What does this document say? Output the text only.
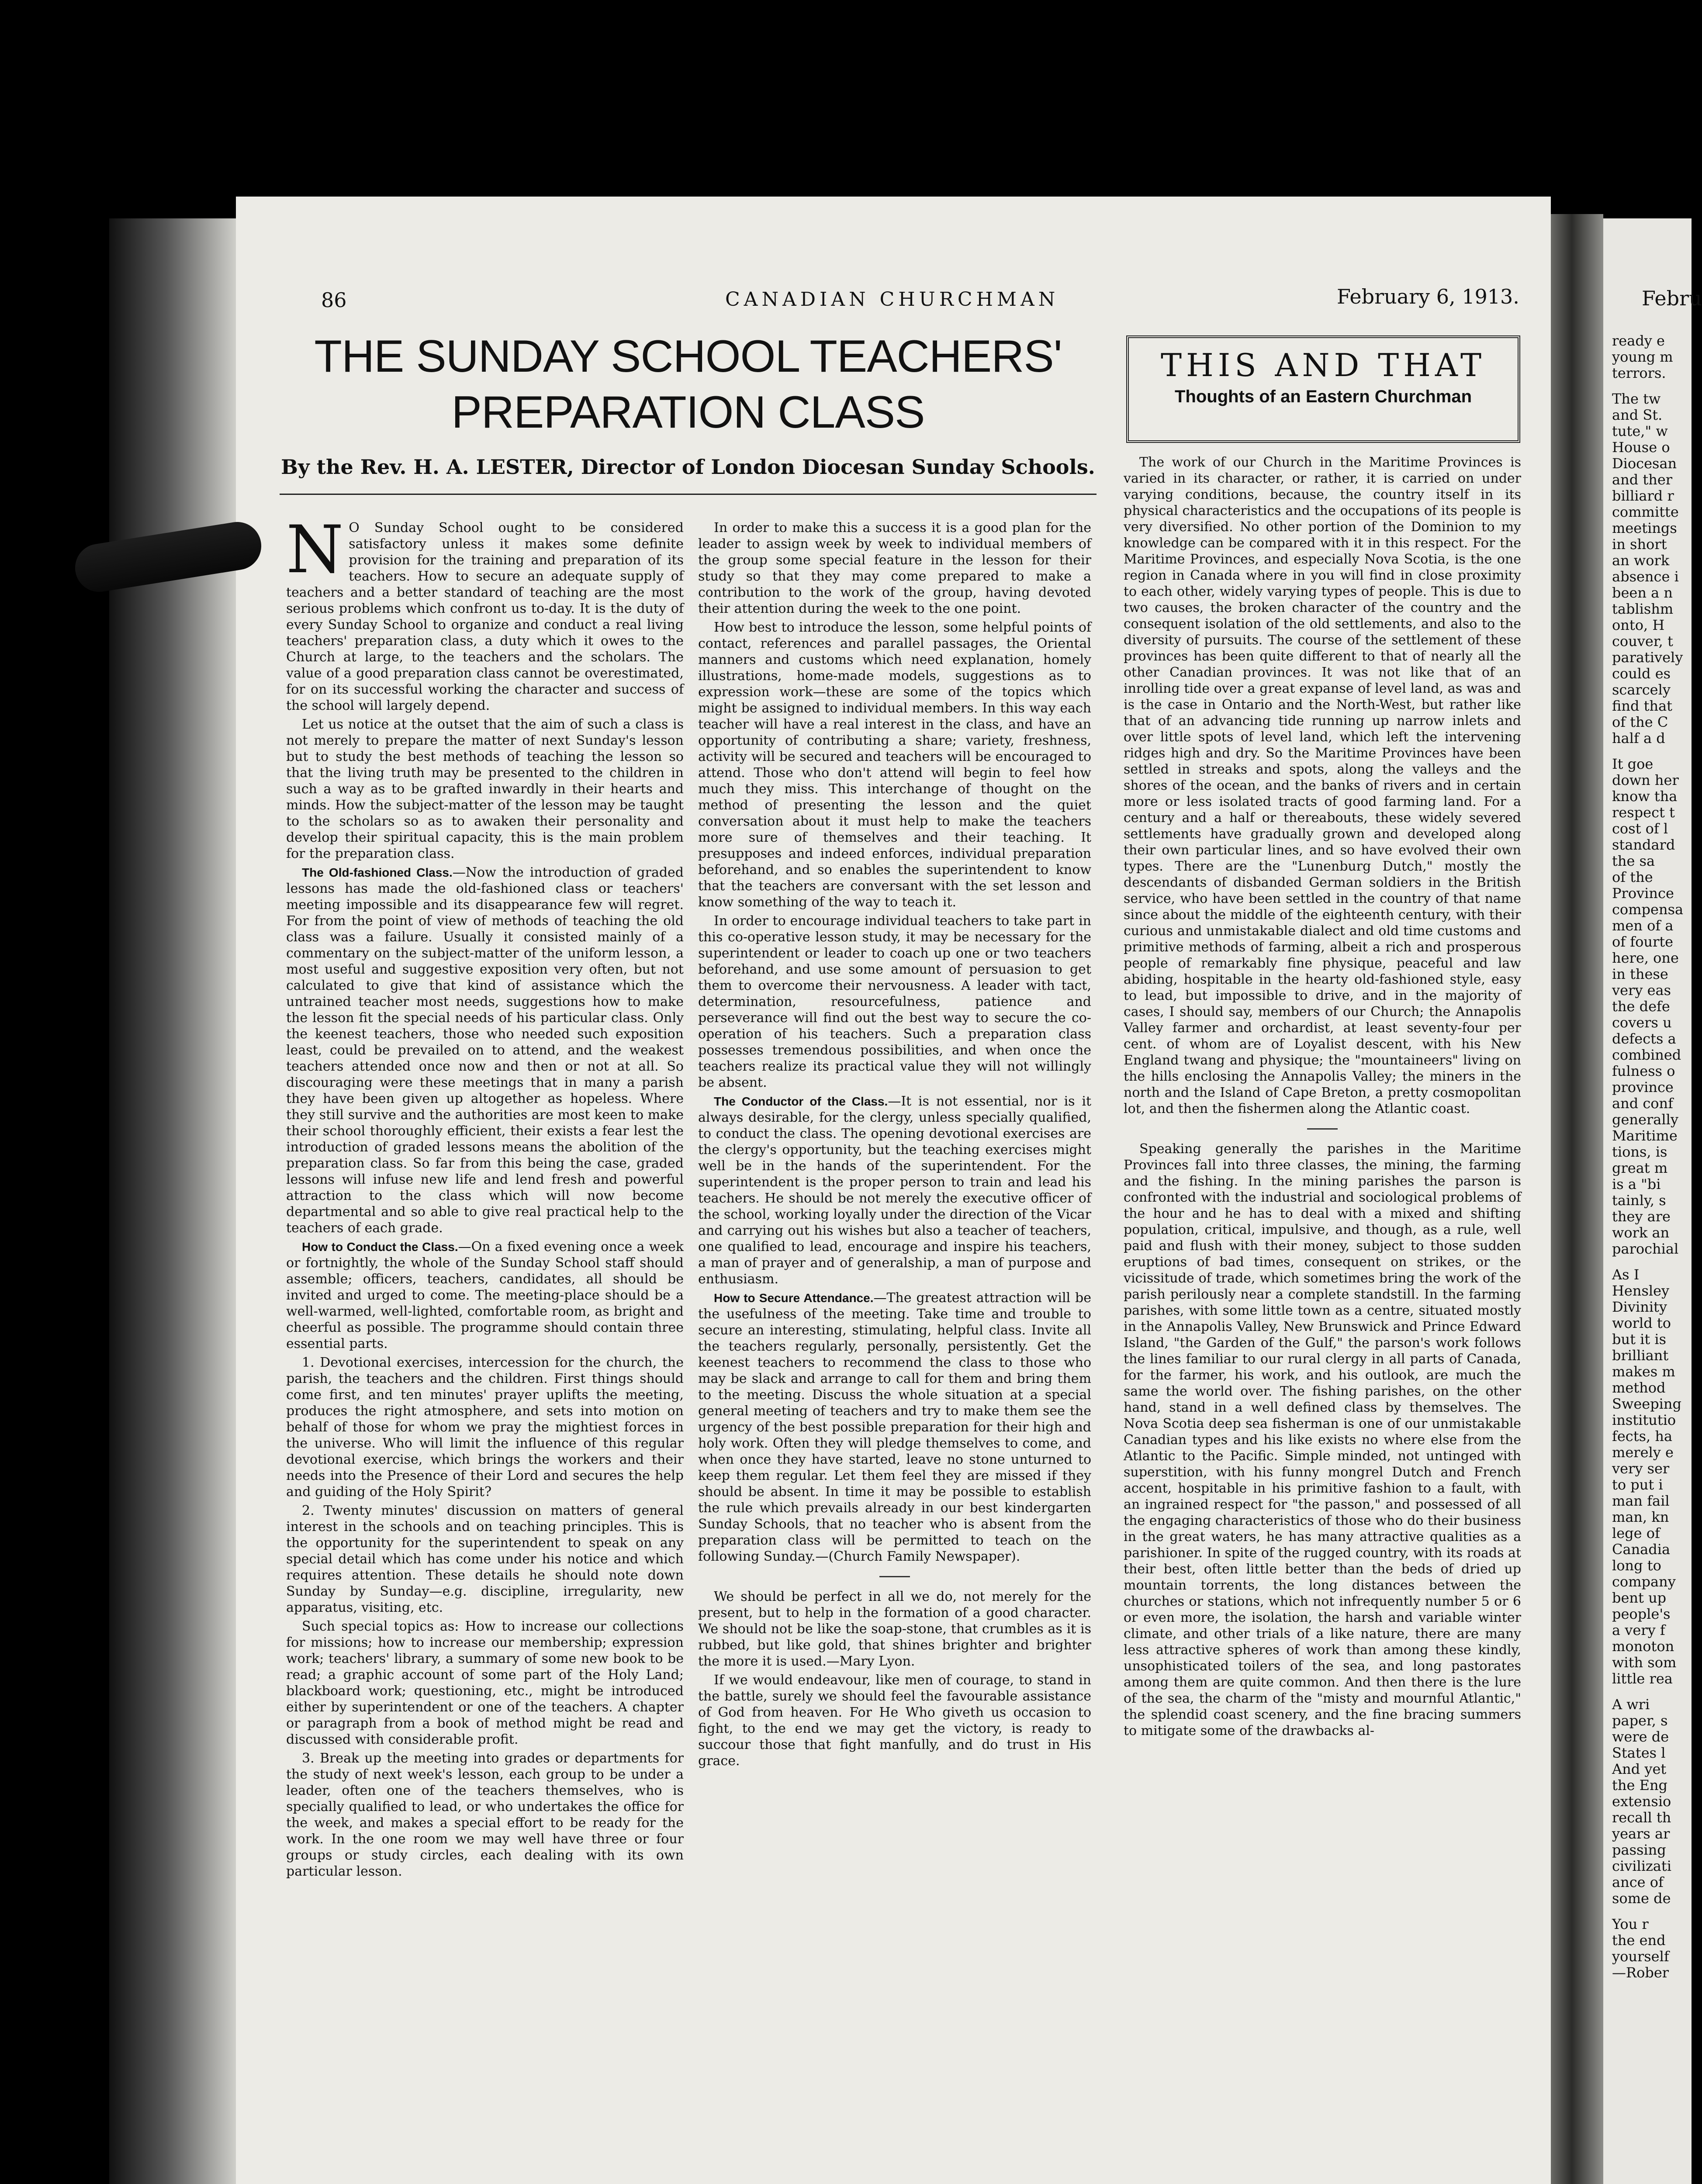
86	CANADIAN CHURCHMAN	February 6, 1913.
THE SUNDAY SCHOOL TEACHERS'
PREPARATION CLASS
By the Rev. H. A. LESTER, Director of London Diocesan Sunday Schools.
THIS AND THAT
Thoughts of an Eastern Churchman

N O Sunday School ought to be considered satisfactory unless it makes some definite provision for the training and preparation of its teachers. How to secure an adequate supply of teachers and a better standard of teaching are the most serious problems which confront us to-day. It is the duty of every Sunday School to organize and conduct a real living teachers' preparation class, a duty which it owes to the Church at large, to the teachers and the scholars. The value of a good preparation class cannot be overestimated, for on its successful working the character and success of the school will largely depend.

Let us notice at the outset that the aim of such a class is not merely to prepare the matter of next Sunday's lesson but to study the best methods of teaching the lesson so that the living truth may be presented to the children in such a way as to be grafted inwardly in their hearts and minds. How the subject-matter of the lesson may be taught to the scholars so as to awaken their personality and develop their spiritual capacity, this is the main problem for the preparation class.

The Old-fashioned Class.—Now the introduction of graded lessons has made the old-fashioned class or teachers' meeting impossible and its disappearance few will regret. For from the point of view of methods of teaching the old class was a failure. Usually it consisted mainly of a commentary on the subject-matter of the uniform lesson, a most useful and suggestive exposition very often, but not calculated to give that kind of assistance which the untrained teacher most needs, suggestions how to make the lesson fit the special needs of his particular class. Only the keenest teachers, those who needed such exposition least, could be prevailed on to attend, and the weakest teachers attended once now and then or not at all. So discouraging were these meetings that in many a parish they have been given up altogether as hopeless. Where they still survive and the authorities are most keen to make their school thoroughly efficient, their exists a fear lest the introduction of graded lessons means the abolition of the preparation class. So far from this being the case, graded lessons will infuse new life and lend fresh and powerful attraction to the class which will now become departmental and so able to give real practical help to the teachers of each grade.

How to Conduct the Class.—On a fixed evening once a week or fortnightly, the whole of the Sunday School staff should assemble; officers, teachers, candidates, all should be invited and urged to come. The meeting-place should be a well-warmed, well-lighted, comfortable room, as bright and cheerful as possible. The programme should contain three essential parts.

1. Devotional exercises, intercession for the church, the parish, the teachers and the children. First things should come first, and ten minutes' prayer uplifts the meeting, produces the right atmosphere, and sets into motion on behalf of those for whom we pray the mightiest forces in the universe. Who will limit the influence of this regular devotional exercise, which brings the workers and their needs into the Presence of their Lord and secures the help and guiding of the Holy Spirit?

2. Twenty minutes' discussion on matters of general interest in the schools and on teaching principles. This is the opportunity for the superintendent to speak on any special detail which has come under his notice and which requires attention. These details he should note down Sunday by Sunday—e.g. discipline, irregularity, new apparatus, visiting, etc.

Such special topics as: How to increase our collections for missions; how to increase our membership; expression work; teachers' library, a summary of some new book to be read; a graphic account of some part of the Holy Land; blackboard work; questioning, etc., might be introduced either by superintendent or one of the teachers. A chapter or paragraph from a book of method might be read and discussed with considerable profit.

3. Break up the meeting into grades or departments for the study of next week's lesson, each group to be under a leader, often one of the teachers themselves, who is specially qualified to lead, or who undertakes the office for the week, and makes a special effort to be ready for the work. In the one room we may well have three or four groups or study circles, each dealing with its own particular lesson.

In order to make this a success it is a good plan for the leader to assign week by week to individual members of the group some special feature in the lesson for their study so that they may come prepared to make a contribution to the work of the group, having devoted their attention during the week to the one point.

How best to introduce the lesson, some helpful points of contact, references and parallel passages, the Oriental manners and customs which need explanation, homely illustrations, home-made models, suggestions as to expression work—these are some of the topics which might be assigned to individual members. In this way each teacher will have a real interest in the class, and have an opportunity of contributing a share; variety, freshness, activity will be secured and teachers will be encouraged to attend. Those who don't attend will begin to feel how much they miss. This interchange of thought on the method of presenting the lesson and the quiet conversation about it must help to make the teachers more sure of themselves and their teaching. It presupposes and indeed enforces, individual preparation beforehand, and so enables the superintendent to know that the teachers are conversant with the set lesson and know something of the way to teach it.

In order to encourage individual teachers to take part in this co-operative lesson study, it may be necessary for the superintendent or leader to coach up one or two teachers beforehand, and use some amount of persuasion to get them to overcome their nervousness. A leader with tact, determination, resourcefulness, patience and perseverance will find out the best way to secure the co-operation of his teachers. Such a preparation class possesses tremendous possibilities, and when once the teachers realize its practical value they will not willingly be absent.

The Conductor of the Class.—It is not essential, nor is it always desirable, for the clergy, unless specially qualified, to conduct the class. The opening devotional exercises are the clergy's opportunity, but the teaching exercises might well be in the hands of the superintendent. For the superintendent is the proper person to train and lead his teachers. He should be not merely the executive officer of the school, working loyally under the direction of the Vicar and carrying out his wishes but also a teacher of teachers, one qualified to lead, encourage and inspire his teachers, a man of prayer and of generalship, a man of purpose and enthusiasm.

How to Secure Attendance.—The greatest attraction will be the usefulness of the meeting. Take time and trouble to secure an interesting, stimulating, helpful class. Invite all the teachers regularly, personally, persistently. Get the keenest teachers to recommend the class to those who may be slack and arrange to call for them and bring them to the meeting. Discuss the whole situation at a special general meeting of teachers and try to make them see the urgency of the best possible preparation for their high and holy work. Often they will pledge themselves to come, and when once they have started, leave no stone unturned to keep them regular. Let them feel they are missed if they should be absent. In time it may be possible to establish the rule which prevails already in our best kindergarten Sunday Schools, that no teacher who is absent from the preparation class will be permitted to teach on the following Sunday.—(Church Family Newspaper).

We should be perfect in all we do, not merely for the present, but to help in the formation of a good character. We should not be like the soap-stone, that crumbles as it is rubbed, but like gold, that shines brighter and brighter the more it is used.—Mary Lyon.

If we would endeavour, like men of courage, to stand in the battle, surely we should feel the favourable assistance of God from heaven. For He Who giveth us occasion to fight, to the end we may get the victory, is ready to succour those that fight manfully, and do trust in His grace.

The work of our Church in the Maritime Provinces is varied in its character, or rather, it is carried on under varying conditions, because, the country itself in its physical characteristics and the occupations of its people is very diversified. No other portion of the Dominion to my knowledge can be compared with it in this respect. For the Maritime Provinces, and especially Nova Scotia, is the one region in Canada where in you will find in close proximity to each other, widely varying types of people. This is due to two causes, the broken character of the country and the consequent isolation of the old settlements, and also to the diversity of pursuits. The course of the settlement of these provinces has been quite different to that of nearly all the other Canadian provinces. It was not like that of an inrolling tide over a great expanse of level land, as was and is the case in Ontario and the North-West, but rather like that of an advancing tide running up narrow inlets and over little spots of level land, which left the intervening ridges high and dry. So the Maritime Provinces have been settled in streaks and spots, along the valleys and the shores of the ocean, and the banks of rivers and in certain more or less isolated tracts of good farming land. For a century and a half or thereabouts, these widely severed settlements have gradually grown and developed along their own particular lines, and so have evolved their own types. There are the "Lunenburg Dutch," mostly the descendants of disbanded German soldiers in the British service, who have been settled in the country of that name since about the middle of the eighteenth century, with their curious and unmistakable dialect and old time customs and primitive methods of farming, albeit a rich and prosperous people of remarkably fine physique, peaceful and law abiding, hospitable in the hearty old-fashioned style, easy to lead, but impossible to drive, and in the majority of cases, I should say, members of our Church; the Annapolis Valley farmer and orchardist, at least seventy-four per cent. of whom are of Loyalist descent, with his New England twang and physique; the "mountaineers" living on the hills enclosing the Annapolis Valley; the miners in the north and the Island of Cape Breton, a pretty cosmopolitan lot, and then the fishermen along the Atlantic coast.

Speaking generally the parishes in the Maritime Provinces fall into three classes, the mining, the farming and the fishing. In the mining parishes the parson is confronted with the industrial and sociological problems of the hour and he has to deal with a mixed and shifting population, critical, impulsive, and though, as a rule, well paid and flush with their money, subject to those sudden eruptions of bad times, consequent on strikes, or the vicissitude of trade, which sometimes bring the work of the parish perilously near a complete standstill. In the farming parishes, with some little town as a centre, situated mostly in the Annapolis Valley, New Brunswick and Prince Edward Island, "the Garden of the Gulf," the parson's work follows the lines familiar to our rural clergy in all parts of Canada, for the farmer, his work, and his outlook, are much the same the world over. The fishing parishes, on the other hand, stand in a well defined class by themselves. The Nova Scotia deep sea fisherman is one of our unmistakable Canadian types and his like exists no where else from the Atlantic to the Pacific. Simple minded, not untinged with superstition, with his funny mongrel Dutch and French accent, hospitable in his primitive fashion to a fault, with an ingrained respect for "the passon," and possessed of all the engaging characteristics of those who do their business in the great waters, he has many attractive qualities as a parishioner. In spite of the rugged country, with its roads at their best, often little better than the beds of dried up mountain torrents, the long distances between the churches or stations, which not infrequently number 5 or 6 or even more, the isolation, the harsh and variable winter climate, and other trials of a like nature, there are many less attractive spheres of work than among these kindly, unsophisticated toilers of the sea, and long pastorates among them are quite common. And then there is the lure of the sea, the charm of the "misty and mournful Atlantic," the splendid coast scenery, and the fine bracing summers to mitigate some of the drawbacks al-

Febru
ready e
young m
terrors.
The tw
and St.
tute," w
House o
Diocesan
and ther
billiard r
committe
meetings
in short
an work
absence i
been a n
tablishm
onto, H
couver, t
paratively
could es
scarcely
find that
of the C
half a d
It goe
down her
know tha
respect t
cost of l
standard
the sa
of the
Province
compensa
men of a
of fourte
here, one
in these
very eas
the defe
covers u
defects a
combined
fulness o
province
and conf
generally
Maritime
tions, is
great m
is a "bi
tainly, s
they are
work an
parochial
As I
Hensley
Divinity
world to
but it is
brilliant
makes m
method
Sweeping
institutio
fects, ha
merely e
very ser
to put i
man fail
man, kn
lege of
Canadia
long to
company
bent up
people's
a very f
monoton
with som
little rea
A wri
paper, s
were de
States l
And yet
the Eng
extensio
recall th
years ar
passing
civilizati
ance of
some de
You r
the end
yourself
—Rober
